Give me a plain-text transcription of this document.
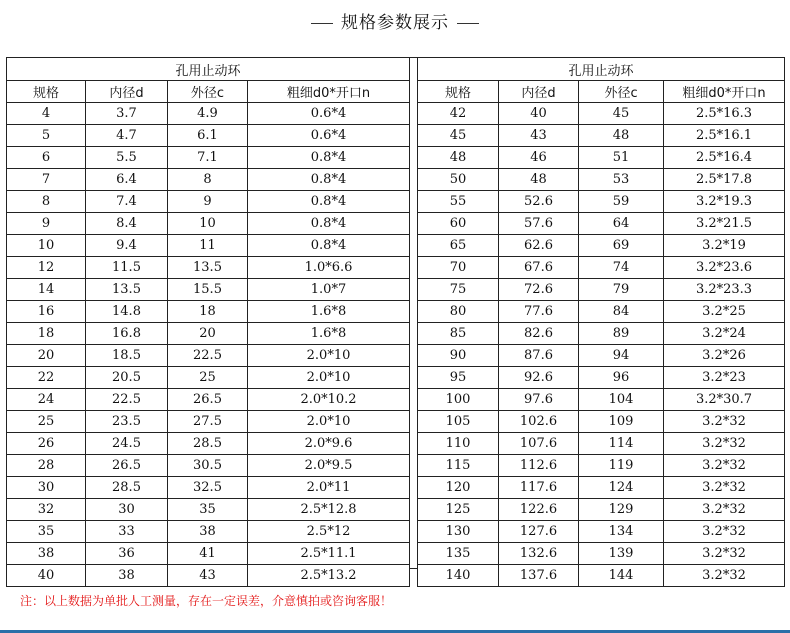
规格参数展示
孔用止动环			
规格	内径d	外径c	粗细d0*开口n
4	3.7	4.9	0.6*4
5	4.7	6.1	0.6*4
6	5.5	7.1	0.8*4
7	6.4	8	0.8*4
8	7.4	9	0.8*4
9	8.4	10	0.8*4
10	9.4	11	0.8*4
12	11.5	13.5	1.0*6.6
14	13.5	15.5	1.0*7
16	14.8	18	1.6*8
18	16.8	20	1.6*8
20	18.5	22.5	2.0*10
22	20.5	25	2.0*10
24	22.5	26.5	2.0*10.2
25	23.5	27.5	2.0*10
26	24.5	28.5	2.0*9.6
28	26.5	30.5	2.0*9.5
30	28.5	32.5	2.0*11
32	30	35	2.5*12.8
35	33	38	2.5*12
38	36	41	2.5*11.1
40	38	43	2.5*13.2
孔用止动环			
规格	内径d	外径c	粗细d0*开口n
42	40	45	2.5*16.3
45	43	48	2.5*16.1
48	46	51	2.5*16.4
50	48	53	2.5*17.8
55	52.6	59	3.2*19.3
60	57.6	64	3.2*21.5
65	62.6	69	3.2*19
70	67.6	74	3.2*23.6
75	72.6	79	3.2*23.3
80	77.6	84	3.2*25
85	82.6	89	3.2*24
90	87.6	94	3.2*26
95	92.6	96	3.2*23
100	97.6	104	3.2*30.7
105	102.6	109	3.2*32
110	107.6	114	3.2*32
115	112.6	119	3.2*32
120	117.6	124	3.2*32
125	122.6	129	3.2*32
130	127.6	134	3.2*32
135	132.6	139	3.2*32
140	137.6	144	3.2*32
注：以上数据为单批人工测量，存在一定误差，介意慎拍或咨询客服！
